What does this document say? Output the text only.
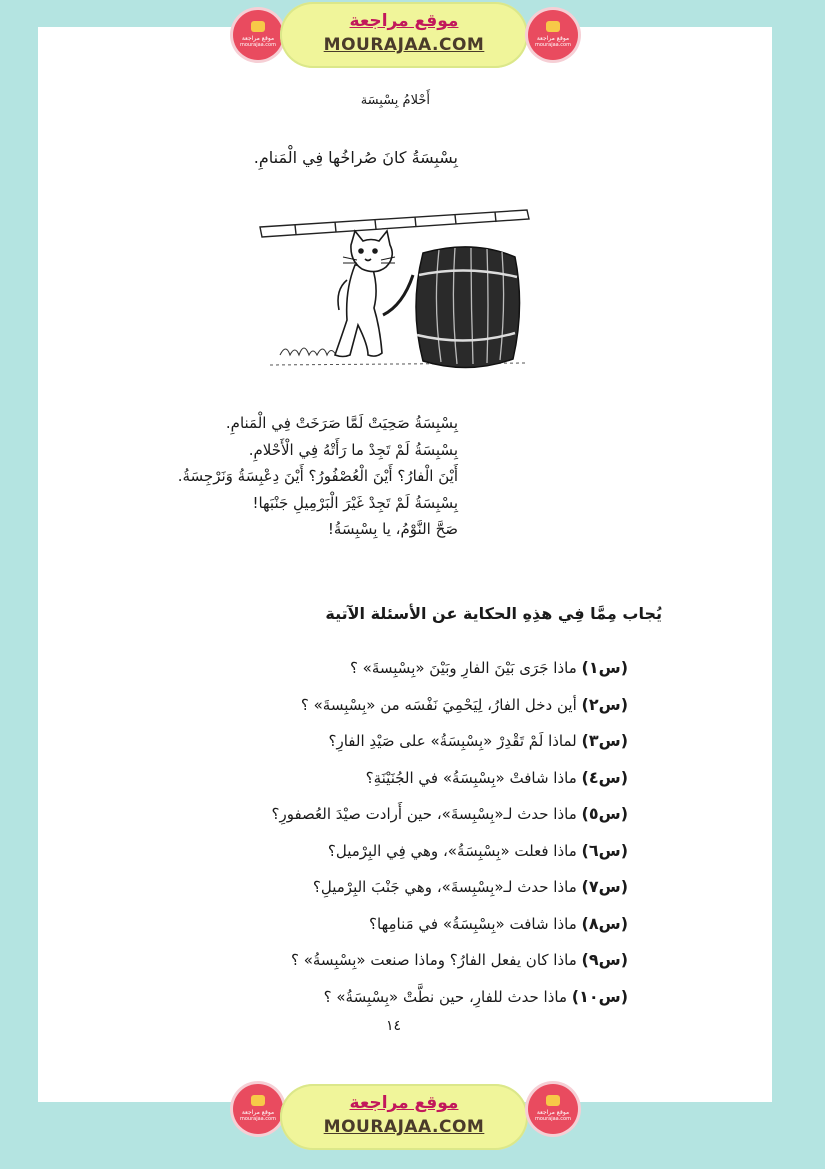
موقع مراجعة
mourajaa.com
موقع مراجعة
MOURAJAA.COM	موقع مراجعة
mourajaa.com
أَحْلامُ بِسْبِسَة
بِسْبِسَةُ كانَ صُراخُها فِي الْمَنامِ.
بِسْبِسَةُ صَحِيَتْ لَمَّا صَرَخَتْ فِي الْمَنامِ.
بِسْبِسَةُ لَمْ تَجِدْ ما رَأَتْهُ فِي الْأَحْلامِ.
أَيْنَ الْفارُ؟ أَيْنَ الْعُصْفُورُ؟ أَيْنَ دِعْبِسَةُ وَنَرْجِسَةُ.
بِسْبِسَةُ لَمْ تَجِدْ غَيْرَ الْبَرْمِيلِ جَنْبَها!
صَحَّ النَّوْمُ، يا بِسْبِسَةُ!
يُجاب مِمَّا فِي هذِهِ الحكاية عن الأسئلة الآتية
(س١) ماذا جَرَى بَيْنَ الفارِ وبَيْنَ «بِسْبِسةَ» ؟
(س٢) أين دخل الفارُ، لِيَحْمِيَ نَفْسَه من «بِسْبِسةَ» ؟
(س٣) لماذا لَمْ تَقْدِرْ «بِسْبِسَةُ» على صَيْدِ الفارِ؟
(س٤) ماذا شافتْ «بِسْبِسَةُ» في الجُنَيْنَةِ؟
(س٥) ماذا حدث لـ«بِسْبِسةَ»، حين أَرادت صيْدَ العُصفورِ؟
(س٦) ماذا فعلت «بِسْبِسَةُ»، وهي فِي البِرْميل؟
(س٧) ماذا حدث لـ«بِسْبِسةَ»، وهي جَنْبَ البِرْميلِ؟
(س٨) ماذا شافت «بِسْبِسَةُ» في مَنامِها؟
(س٩) ماذا كان يفعل الفارُ؟ وماذا صنعت «بِسْبِسةُ» ؟
(س١٠) ماذا حدث للفارِ، حين نطَّتْ «بِسْبِسَةُ» ؟
١٤
موقع مراجعة
mourajaa.com
موقع مراجعة
MOURAJAA.COM
موقع مراجعة
mourajaa.com
